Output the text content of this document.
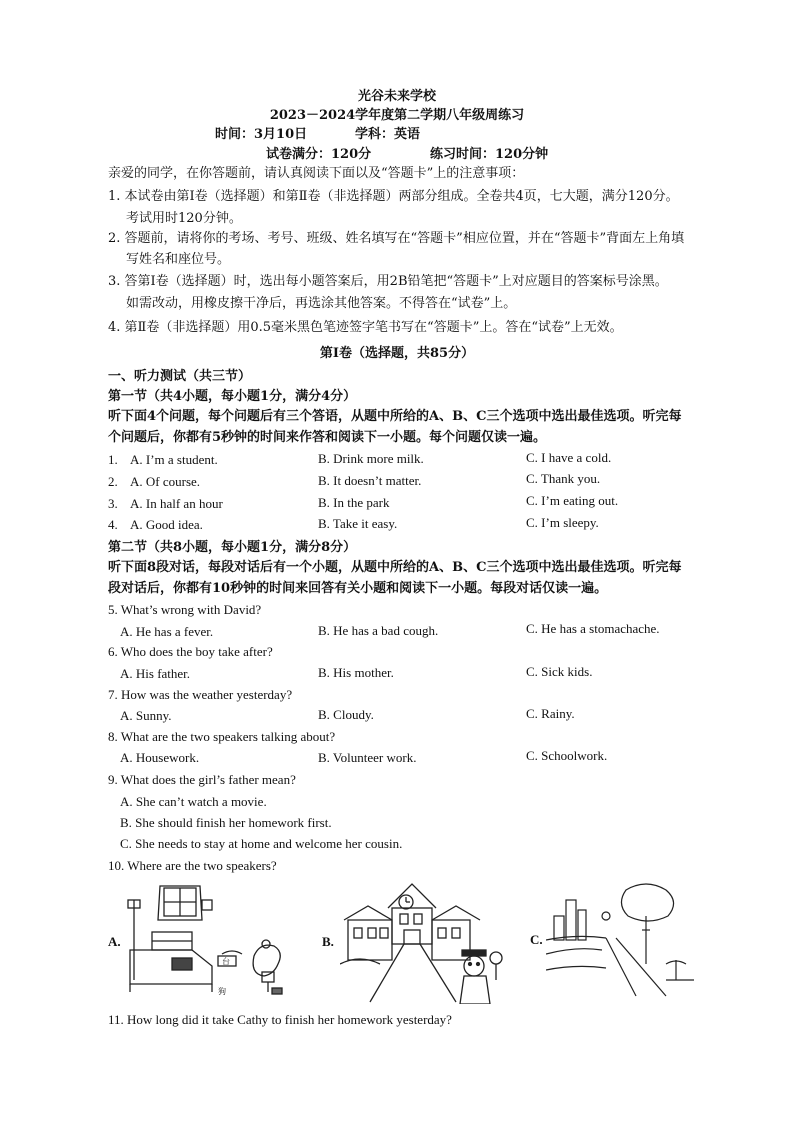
光谷未来学校
2023－2024学年度第二学期八年级周练习
时间：3月10日	学科：英语
试卷满分：120分	练习时间：120分钟
亲爱的同学，在你答题前，请认真阅读下面以及“答题卡”上的注意事项：
1. 本试卷由第Ⅰ卷（选择题）和第Ⅱ卷（非选择题）两部分组成。全卷共4页，七大题，满分120分。
考试用时120分钟。
2. 答题前，请将你的考场、考号、班级、姓名填写在“答题卡”相应位置，并在“答题卡”背面左上角填
写姓名和座位号。
3. 答第Ⅰ卷（选择题）时，选出每小题答案后，用2B铅笔把“答题卡”上对应题目的答案标号涂黑。
如需改动，用橡皮擦干净后，再选涂其他答案。不得答在“试卷”上。
4. 第Ⅱ卷（非选择题）用0.5毫米黑色笔迹签字笔书写在“答题卡”上。答在“试卷”上无效。
第Ⅰ卷（选择题，共85分）
一、听力测试（共三节）
第一节（共4小题，每小题1分，满分4分）
听下面4个问题，每个问题后有三个答语，从题中所给的A、B、C三个选项中选出最佳选项。听完每
个问题后，你都有5秒钟的时间来作答和阅读下一小题。每个问题仅读一遍。
1. A. I’m a student.	B. Drink more milk.	C. I have a cold.
2. A. Of course.	B. It doesn’t matter.	C. Thank you.
3. A. In half an hour	B. In the park	C. I’m eating out.
4. A. Good idea.	B. Take it easy.	C. I’m sleepy.
第二节（共8小题，每小题1分，满分8分）
听下面8段对话，每段对话后有一个小题，从题中所给的A、B、C三个选项中选出最佳选项。听完每
段对话后，你都有10秒钟的时间来回答有关小题和阅读下一小题。每段对话仅读一遍。
5. What’s wrong with David?
A. He has a fever.	B. He has a bad cough.	C. He has a stomachache.
6. Who does the boy take after?
A. His father.	B. His mother.	C. Sick kids.
7. How was the weather yesterday?
A. Sunny.	B. Cloudy.	C. Rainy.
8. What are the two speakers talking about?
A. Housework.	B. Volunteer work.	C. Schoolwork.
9. What does the girl’s father mean?
A. She can’t watch a movie.
B. She should finish her homework first.
C. She needs to stay at home and welcome her cousin.
10. Where are the two speakers?
A.
台
狗
B.	C.
11. How long did it take Cathy to finish her homework yesterday?
